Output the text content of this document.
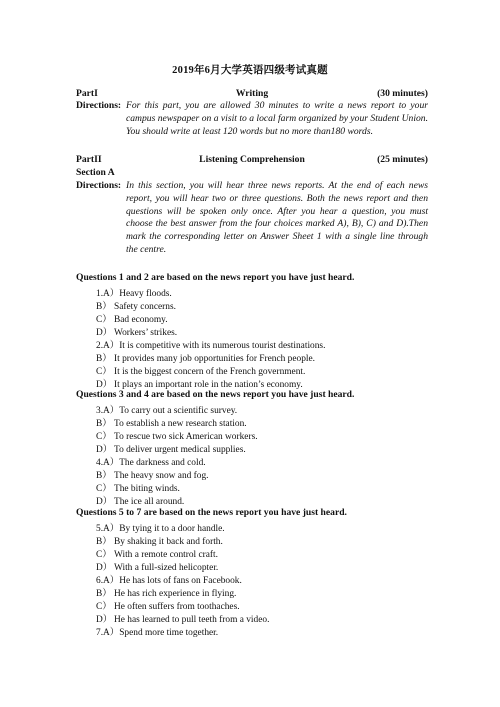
2019年6月大学英语四级考试真题
PartI	Writing	(30 minutes)
Directions: For this part, you are allowed 30 minutes to write a news report to your campus newspaper on a visit to a local farm organized by your Student Union. You should write at least 120 words but no more than180 words.
PartII	Listening Comprehension	(25 minutes)
Section A
Directions: In this section, you will hear three news reports. At the end of each news report, you will hear two or three questions. Both the news report and then questions will be spoken only once. After you hear a question, you must choose the best answer from the four choices marked A), B), C) and D).Then mark the corresponding letter on Answer Sheet 1 with a single line through the centre.
Questions 1 and 2 are based on the news report you have just heard.
Questions 3 and 4 are based on the news report you have just heard.
Questions 5 to 7 are based on the news report you have just heard.
1.A）Heavy floods.
B） Safety concerns.
C） Bad economy.
D） Workers’ strikes.
2.A）It is competitive with its numerous tourist destinations.
B） It provides many job opportunities for French people.
C） It is the biggest concern of the French government.
D） It plays an important role in the nation’s economy.
3.A）To carry out a scientific survey.
B） To establish a new research station.
C） To rescue two sick American workers.
D） To deliver urgent medical supplies.
4.A）The darkness and cold.
B） The heavy snow and fog.
C） The biting winds.
D） The ice all around.
5.A）By tying it to a door handle.
B） By shaking it back and forth.
C） With a remote control craft.
D） With a full-sized helicopter.
6.A）He has lots of fans on Facebook.
B） He has rich experience in flying.
C） He often suffers from toothaches.
D） He has learned to pull teeth from a video.
7.A）Spend more time together.
